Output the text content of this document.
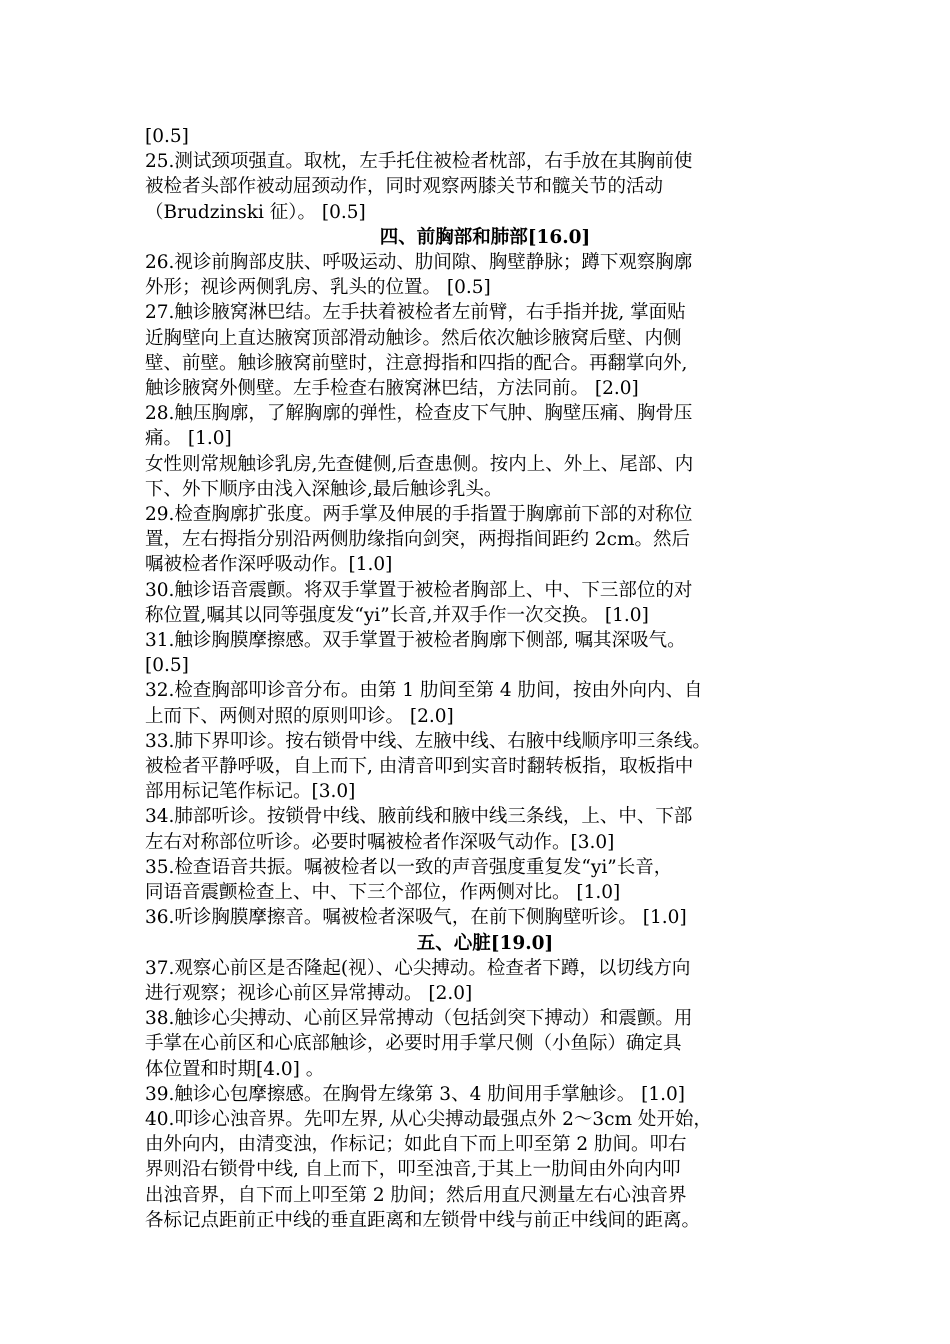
[0.5]

25.测试颈项强直。取枕，左手托住被检者枕部，右手放在其胸前使
被检者头部作被动屈颈动作，同时观察两膝关节和髋关节的活动
（Brudzinski 征）。 [0.5]

四、前胸部和肺部[16.0]

26.视诊前胸部皮肤、呼吸运动、肋间隙、胸壁静脉；蹲下观察胸廓
外形；视诊两侧乳房、乳头的位置。 [0.5]

27.触诊腋窝淋巴结。左手扶着被检者左前臂，右手指并拢, 掌面贴
近胸壁向上直达腋窝顶部滑动触诊。然后依次触诊腋窝后壁、内侧
壁、前壁。触诊腋窝前壁时，注意拇指和四指的配合。再翻掌向外,
触诊腋窝外侧壁。左手检查右腋窝淋巴结，方法同前。 [2.0]

28.触压胸廓，了解胸廓的弹性，检查皮下气肿、胸壁压痛、胸骨压
痛。 [1.0]

女性则常规触诊乳房,先查健侧,后查患侧。按内上、外上、尾部、内
下、外下顺序由浅入深触诊,最后触诊乳头。

29.检查胸廓扩张度。两手掌及伸展的手指置于胸廓前下部的对称位
置，左右拇指分别沿两侧肋缘指向剑突，两拇指间距约 2cm。然后
嘱被检者作深呼吸动作。[1.0]

30.触诊语音震颤。将双手掌置于被检者胸部上、中、下三部位的对
称位置,嘱其以同等强度发“yi”长音,并双手作一次交换。 [1.0]

31.触诊胸膜摩擦感。双手掌置于被检者胸廓下侧部, 嘱其深吸气。
[0.5]

32.检查胸部叩诊音分布。由第 1 肋间至第 4 肋间，按由外向内、自
上而下、两侧对照的原则叩诊。 [2.0]

33.肺下界叩诊。按右锁骨中线、左腋中线、右腋中线顺序叩三条线。
被检者平静呼吸，自上而下, 由清音叩到实音时翻转板指，取板指中
部用标记笔作标记。[3.0]

34.肺部听诊。按锁骨中线、腋前线和腋中线三条线，上、中、下部
左右对称部位听诊。必要时嘱被检者作深吸气动作。[3.0]

35.检查语音共振。嘱被检者以一致的声音强度重复发“yi”长音，
同语音震颤检查上、中、下三个部位，作两侧对比。 [1.0]

36.听诊胸膜摩擦音。嘱被检者深吸气，在前下侧胸壁听诊。 [1.0]

五、心脏[19.0]

37.观察心前区是否隆起(视）、心尖搏动。检查者下蹲，以切线方向
进行观察；视诊心前区异常搏动。 [2.0]

38.触诊心尖搏动、心前区异常搏动（包括剑突下搏动）和震颤。用
手掌在心前区和心底部触诊，必要时用手掌尺侧（小鱼际）确定具
体位置和时期[4.0] 。

39.触诊心包摩擦感。在胸骨左缘第 3、4 肋间用手掌触诊。 [1.0]

40.叩诊心浊音界。先叩左界, 从心尖搏动最强点外 2～3cm 处开始，
由外向内，由清变浊，作标记；如此自下而上叩至第 2 肋间。叩右
界则沿右锁骨中线, 自上而下，叩至浊音,于其上一肋间由外向内叩
出浊音界，自下而上叩至第 2 肋间；然后用直尺测量左右心浊音界
各标记点距前正中线的垂直距离和左锁骨中线与前正中线间的距离。
